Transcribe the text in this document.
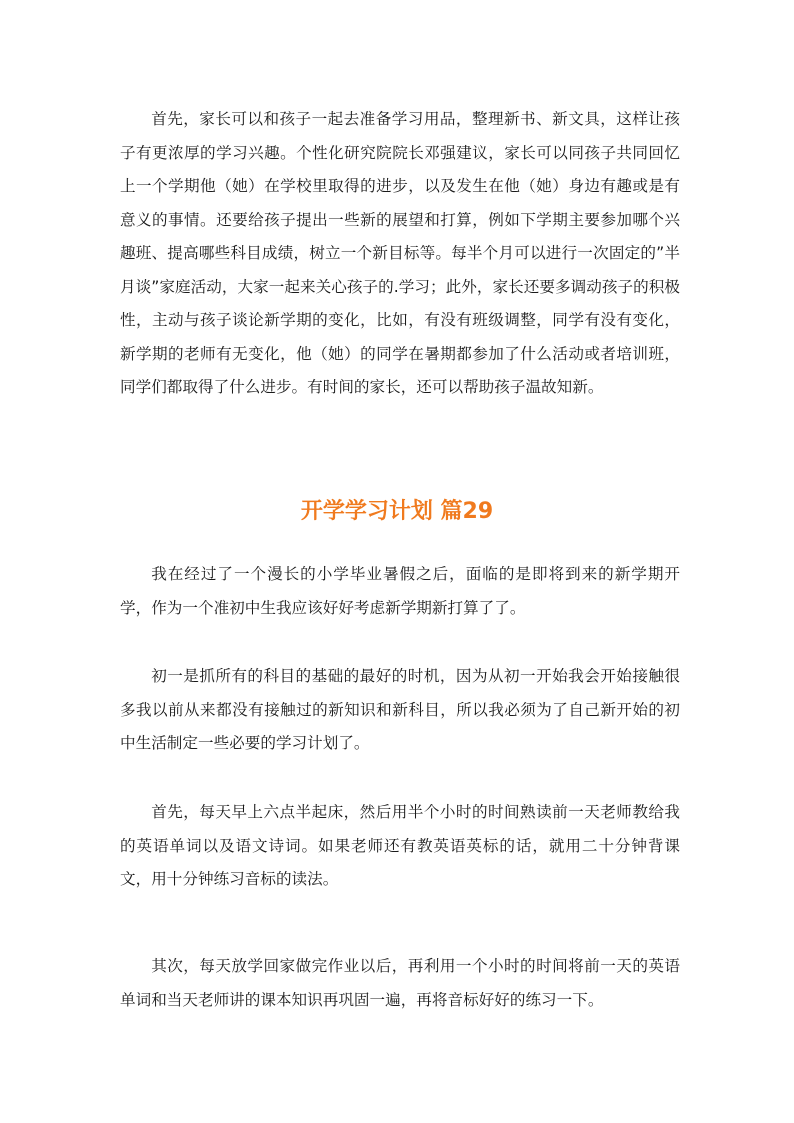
首先，家长可以和孩子一起去准备学习用品，整理新书、新文具，这样让孩子有更浓厚的学习兴趣。个性化研究院院长邓强建议，家长可以同孩子共同回忆上一个学期他（她）在学校里取得的进步，以及发生在他（她）身边有趣或是有意义的事情。还要给孩子提出一些新的展望和打算，例如下学期主要参加哪个兴趣班、提高哪些科目成绩，树立一个新目标等。每半个月可以进行一次固定的”半月谈”家庭活动，大家一起来关心孩子的.学习；此外，家长还要多调动孩子的积极性，主动与孩子谈论新学期的变化，比如，有没有班级调整，同学有没有变化，新学期的老师有无变化，他（她）的同学在暑期都参加了什么活动或者培训班，同学们都取得了什么进步。有时间的家长，还可以帮助孩子温故知新。

开学学习计划 篇29

我在经过了一个漫长的小学毕业暑假之后，面临的是即将到来的新学期开学，作为一个准初中生我应该好好考虑新学期新打算了了。

初一是抓所有的科目的基础的最好的时机，因为从初一开始我会开始接触很多我以前从来都没有接触过的新知识和新科目，所以我必须为了自己新开始的初中生活制定一些必要的学习计划了。

首先，每天早上六点半起床，然后用半个小时的时间熟读前一天老师教给我的英语单词以及语文诗词。如果老师还有教英语英标的话，就用二十分钟背课文，用十分钟练习音标的读法。

其次，每天放学回家做完作业以后，再利用一个小时的时间将前一天的英语单词和当天老师讲的课本知识再巩固一遍，再将音标好好的练习一下。
